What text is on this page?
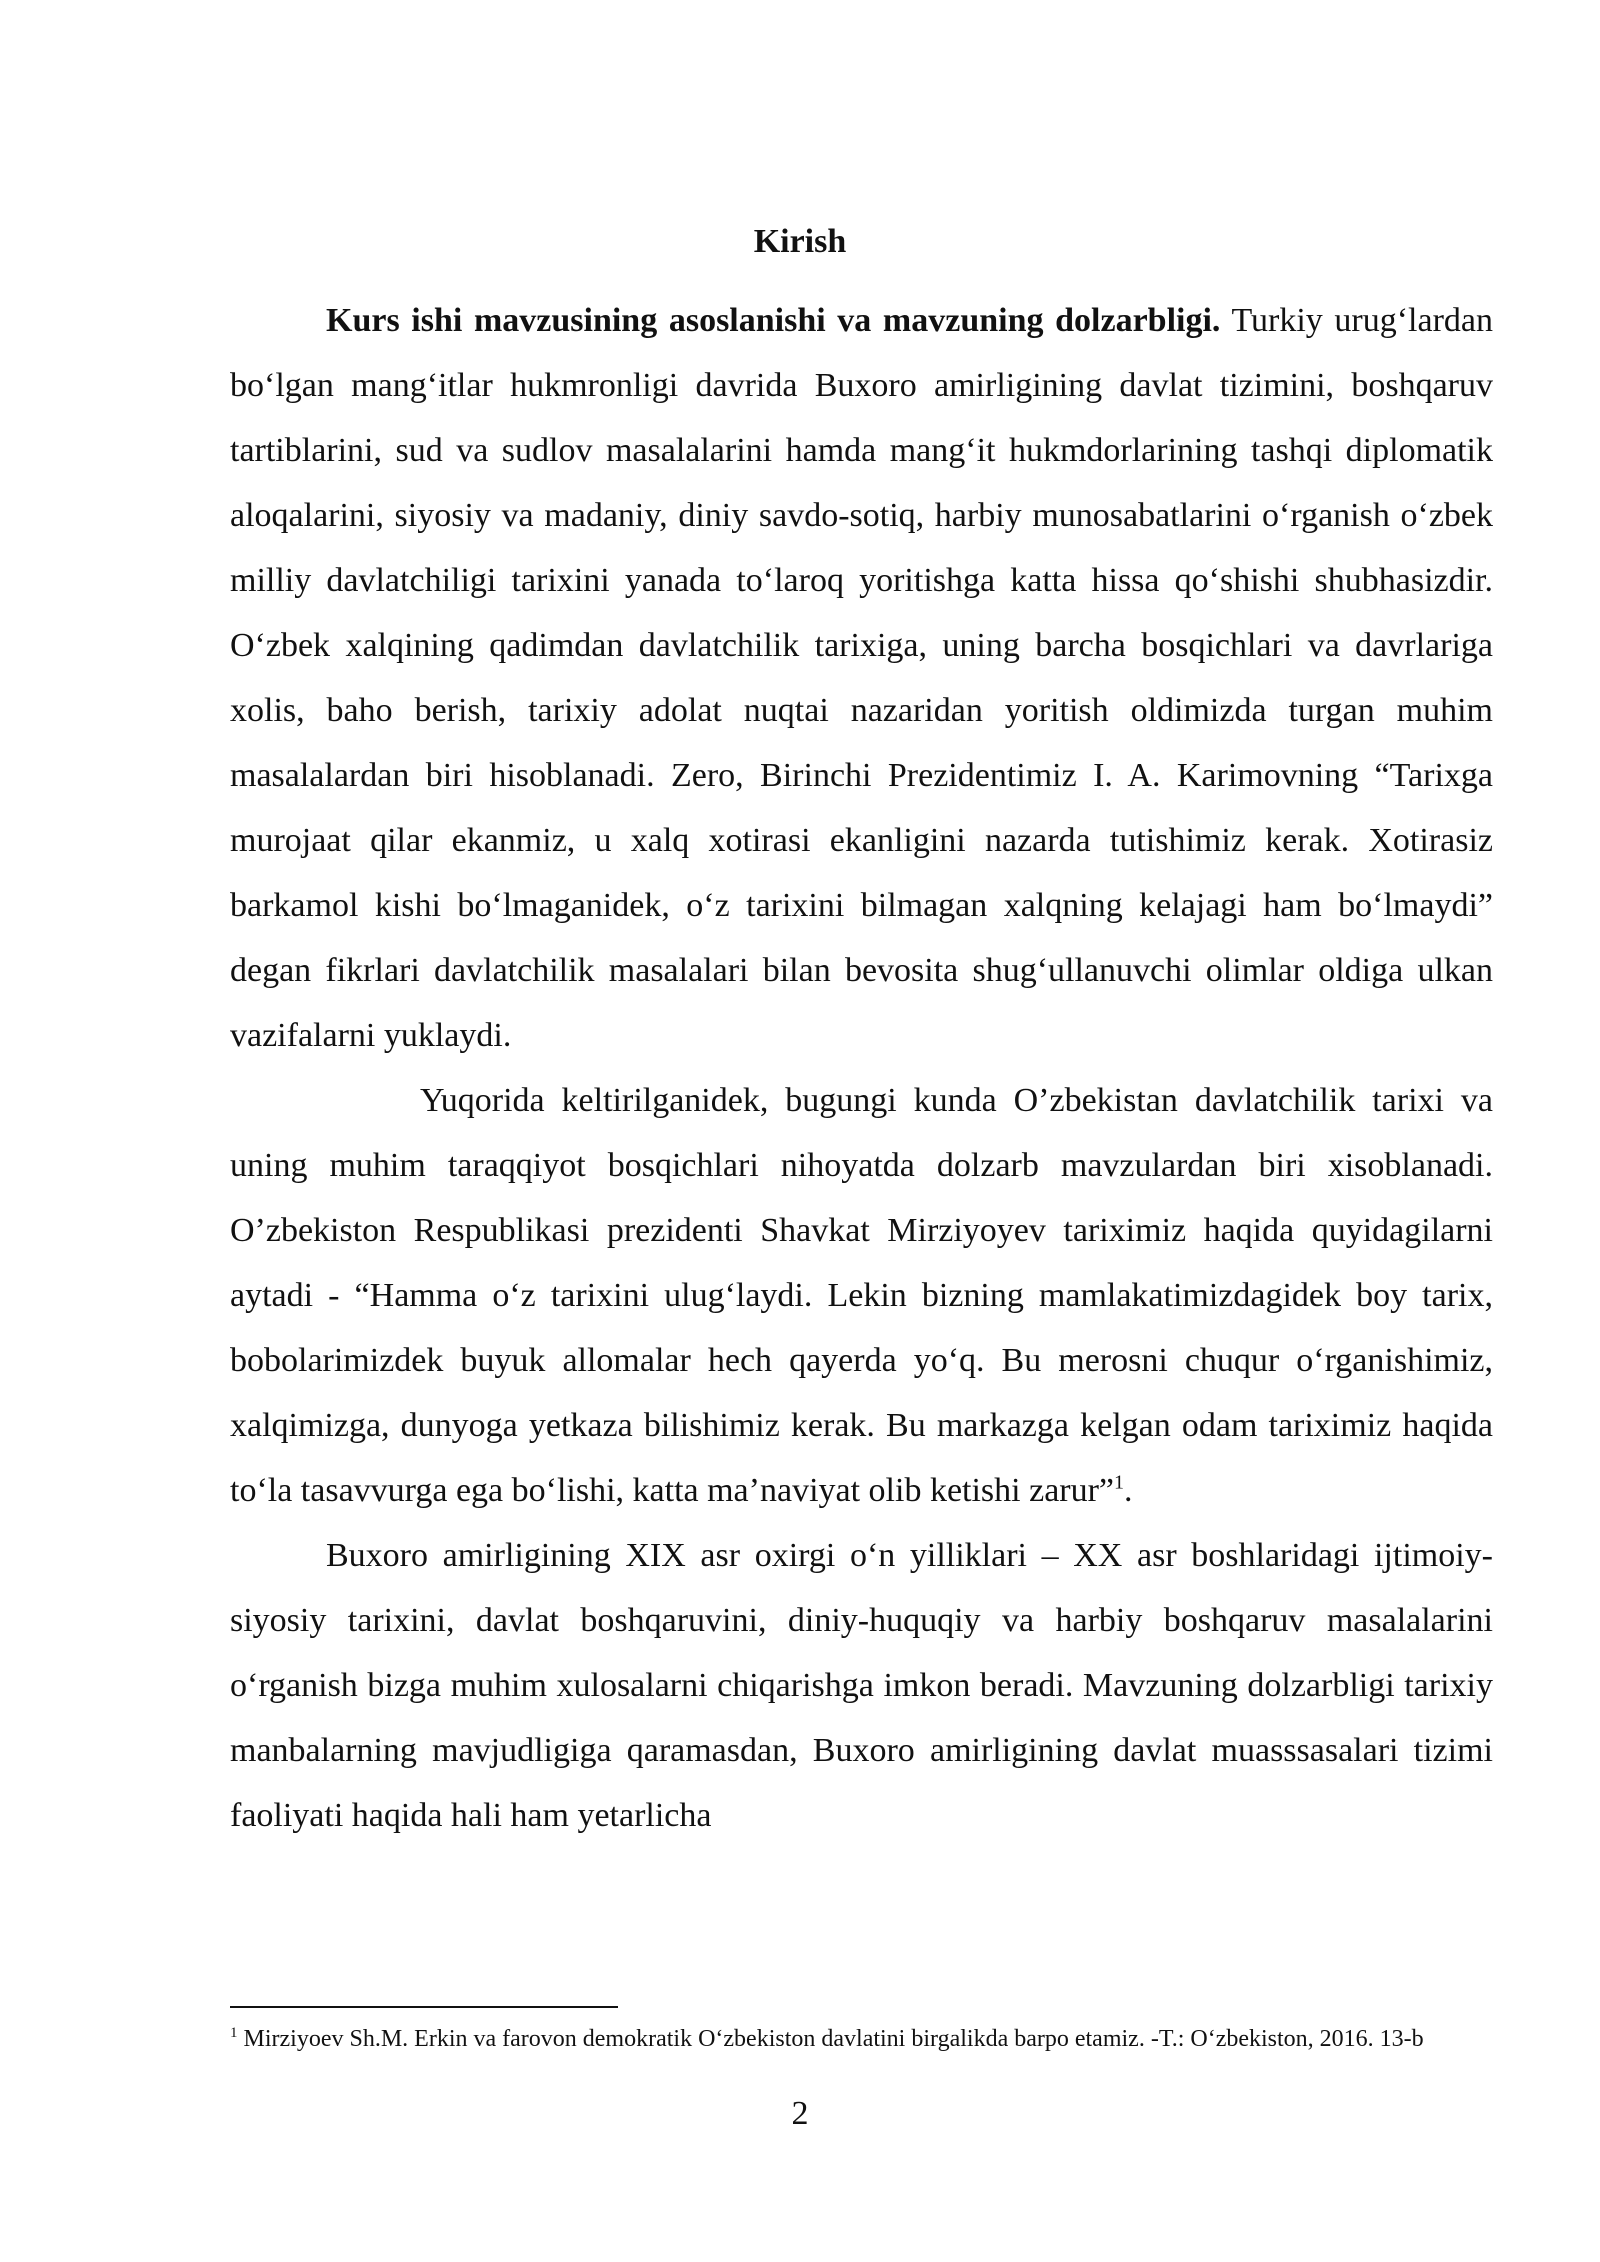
Kirish

Kurs ishi mavzusining asoslanishi va mavzuning dolzarbligi. Turkiy urug‘lardan bo‘lgan mang‘itlar hukmronligi davrida Buxoro amirligining davlat tizimini, boshqaruv tartiblarini, sud va sudlov masalalarini hamda mang‘it hukmdorlarining tashqi diplomatik aloqalarini, siyosiy va madaniy, diniy savdo-sotiq, harbiy munosabatlarini o‘rganish o‘zbek milliy davlatchiligi tarixini yanada to‘laroq yoritishga katta hissa qo‘shishi shubhasizdir. O‘zbek xalqining qadimdan davlatchilik tarixiga, uning barcha bosqichlari va davrlariga xolis, baho berish, tarixiy adolat nuqtai nazaridan yoritish oldimizda turgan muhim masalalardan biri hisoblanadi. Zero, Birinchi Prezidentimiz I. A. Karimovning “Tarixga murojaat qilar ekanmiz, u xalq xotirasi ekanligini nazarda tutishimiz kerak. Xotirasiz barkamol kishi bo‘lmaganidek, o‘z tarixini bilmagan xalqning kelajagi ham bo‘lmaydi” degan fikrlari davlatchilik masalalari bilan bevosita shug‘ullanuvchi olimlar oldiga ulkan vazifalarni yuklaydi.

Yuqorida keltirilganidek, bugungi kunda O’zbekistan davlatchilik tarixi va uning muhim taraqqiyot bosqichlari nihoyatda dolzarb mavzulardan biri xisoblanadi. O’zbekiston Respublikasi prezidenti Shavkat Mirziyoyev tariximiz haqida quyidagilarni aytadi - “Hamma o‘z tarixini ulug‘laydi. Lekin bizning mamlakatimizdagidek boy tarix, bobolarimizdek buyuk allomalar hech qayerda yo‘q. Bu merosni chuqur o‘rganishimiz, xalqimizga, dunyoga yetkaza bilishimiz kerak. Bu markazga kelgan odam tariximiz haqida to‘la tasavvurga ega bo‘lishi, katta ma’naviyat olib ketishi zarur”$^1$.

Buxoro amirligining XIX asr oxirgi o‘n yilliklari – XX asr boshlaridagi ijtimoiy-siyosiy tarixini, davlat boshqaruvini, diniy-huquqiy va harbiy boshqaruv masalalarini o‘rganish bizga muhim xulosalarni chiqarishga imkon beradi. Mavzuning dolzarbligi tarixiy manbalarning mavjudligiga qaramasdan, Buxoro amirligining davlat muasssasalari tizimi faoliyati haqida hali ham yetarlicha

$^1$ Mirziyoev Sh.M. Erkin va farovon demokratik O‘zbekiston davlatini birgalikda barpo etamiz. -T.: O‘zbekiston, 2016. 13-b
2
